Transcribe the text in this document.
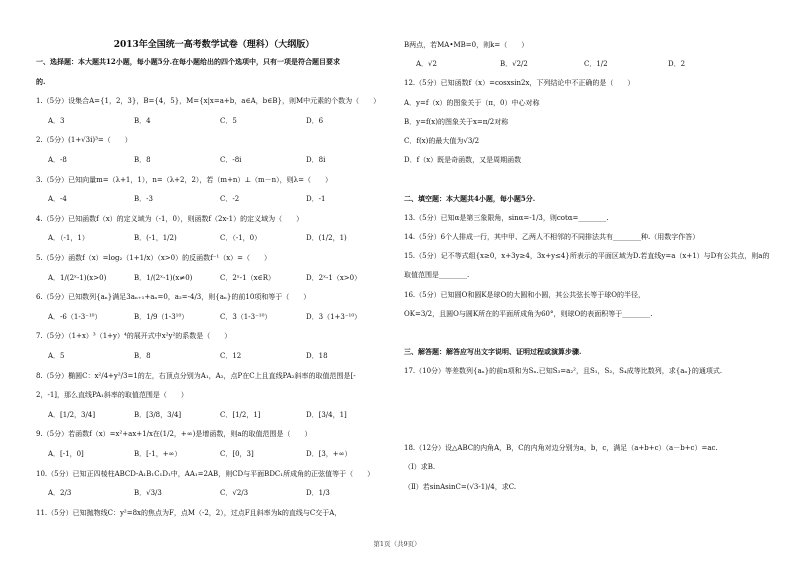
2013年全国统一高考数学试卷（理科）（大纲版）
一、选择题：本大题共12小题，每小题5分.在每小题给出的四个选项中，只有一项是符合题目要求
的.
1.（5分）设集合A={1，2，3}，B={4，5}，M={x|x=a+b，a∈A，b∈B}，则M中元素的个数为（　　）
A．3	B．4	C．5	D．6
2.（5分）(1+√3i)³=（　　）
A．-8	B．8	C．-8i	D．8i
3.（5分）已知向量m=（λ+1，1），n=（λ+2，2），若（m+n）⊥（m－n），则λ=（　　）
A．-4	B．-3	C．-2	D．-1
4.（5分）已知函数f（x）的定义域为（-1，0），则函数f（2x-1）的定义域为（　　）
A．（-1，1）	B．(-1，1/2)	C．（-1，0）	D．(1/2，1)
5.（5分）函数f（x）=log₂（1+1/x）（x>0）的反函数f⁻¹（x）=（　　）
A．1/(2ˣ-1)(x>0)	B．1/(2ˣ-1)(x≠0)	C．2ˣ-1（x∈R）	D．2ˣ-1（x>0）
6.（5分）已知数列{aₙ}满足3aₙ₊₁+aₙ=0，a₂=-4/3，则{aₙ}的前10项和等于（　　）
A．-6（1-3⁻¹⁰）	B．1/9（1-3¹⁰）	C．3（1-3⁻¹⁰）	D．3（1+3⁻¹⁰）
7.（5分）（1+x）³（1+y）⁴的展开式中x²y²的系数是（　　）
A．5	B．8	C．12	D．18
8.（5分）椭圆C：x²/4+y²/3=1的左，右顶点分别为A₁，A₂，点P在C上且直线PA₂斜率的取值范围是[-
2，-1]，那么直线PA₁斜率的取值范围是（　　）
A．[1/2，3/4]	B．[3/8，3/4]	C．[1/2，1]	D．[3/4，1]
9.（5分）若函数f（x）=x²+ax+1/x在(1/2，+∞)是增函数，则a的取值范围是（　　）
A．[-1，0]	B．[-1，+∞）	C．[0，3]	D．[3，+∞）
10.（5分）已知正四棱柱ABCD-A₁B₁C₁D₁中，AA₁=2AB，则CD与平面BDC₁所成角的正弦值等于（　　）
A．2/3	B．√3/3	C．√2/3	D．1/3
11.（5分）已知抛物线C：y²=8x的焦点为F，点M（-2，2），过点F且斜率为k的直线与C交于A，
B两点，若MA•MB=0，则k=（　　）
A．√2	B．√2/2	C．1/2	D．2
12.（5分）已知函数f（x）=cosxsin2x，下列结论中不正确的是（　　）
A．y=f（x）的图象关于（π，0）中心对称
B．y=f(x)的图象关于x=π/2对称
C．f(x)的最大值为√3/2
D．f（x）既是奇函数，又是周期函数
二、填空题：本大题共4小题，每小题5分.
13.（5分）已知α是第三象限角，sinα=-1/3，则cotα=________.
14.（5分）6个人排成一行，其中甲、乙两人不相邻的不同排法共有________种.（用数字作答）
15.（5分）记不等式组{x≥0，x+3y≥4，3x+y≤4}所表示的平面区域为D.若直线y=a（x+1）与D有公共点，则a的
取值范围是________.
16.（5分）已知圆O和圆K是球O的大圆和小圆，其公共弦长等于球O的半径，
OK=3/2，且圆O与圆K所在的平面所成角为60°，则球O的表面积等于________.
三、解答题：解答应写出文字说明、证明过程或演算步骤.
17.（10分）等差数列{aₙ}的前n项和为Sₙ.已知S₃=a₂²，且S₁，S₂，S₄成等比数列，求{aₙ}的通项式.
18.（12分）设△ABC的内角A，B，C的内角对边分别为a，b，c，满足（a+b+c）（a－b+c）=ac.
（Ⅰ）求B.
（Ⅱ）若sinAsinC=(√3-1)/4，求C.
第1页（共9页）
